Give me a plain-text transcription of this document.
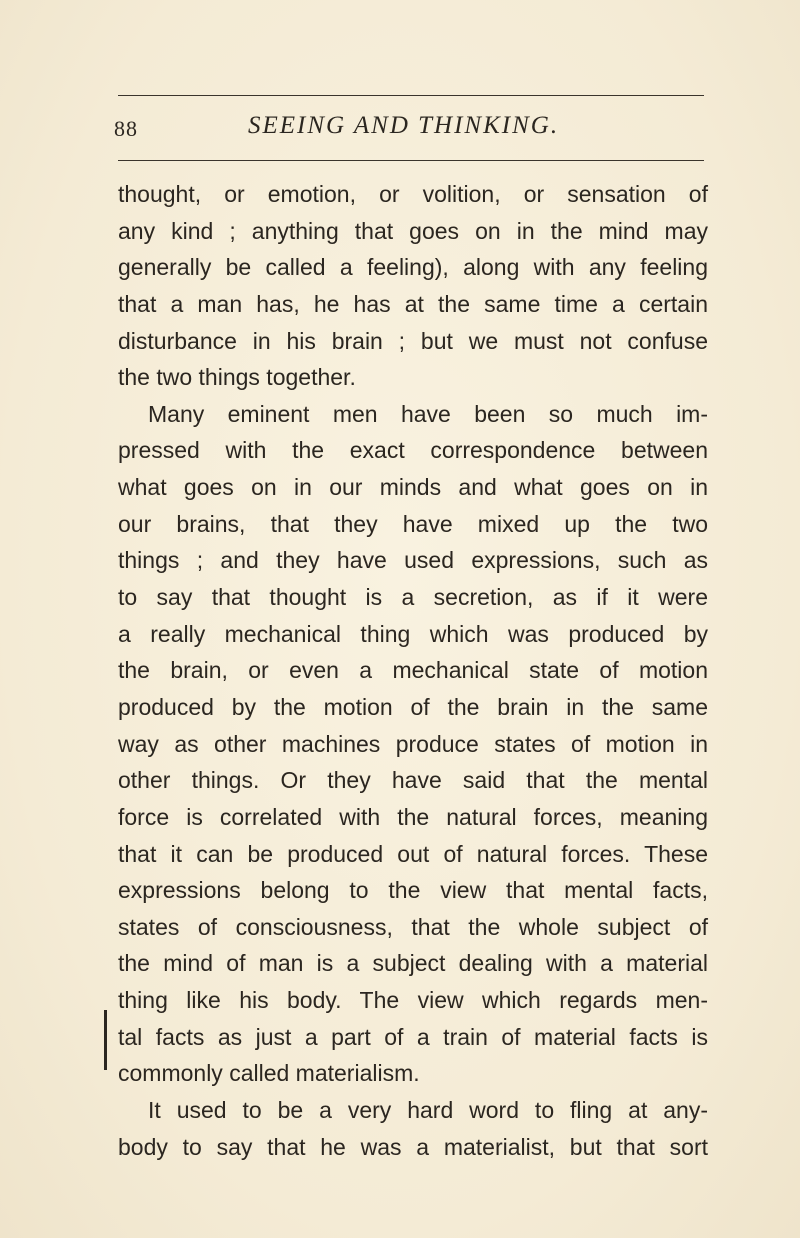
88	SEEING AND THINKING.
thought, or emotion, or volition, or sensation of
any kind ; anything that goes on in the mind may
generally be called a feeling), along with any feeling
that a man has, he has at the same time a certain
disturbance in his brain ; but we must not confuse
the two things together.
Many eminent men have been so much im-
pressed with the exact correspondence between
what goes on in our minds and what goes on in
our brains, that they have mixed up the two
things ; and they have used expressions, such as
to say that thought is a secretion, as if it were
a really mechanical thing which was produced by
the brain, or even a mechanical state of motion
produced by the motion of the brain in the same
way as other machines produce states of motion in
other things. Or they have said that the mental
force is correlated with the natural forces, meaning
that it can be produced out of natural forces. These
expressions belong to the view that mental facts,
states of consciousness, that the whole subject of
the mind of man is a subject dealing with a material
thing like his body. The view which regards men-
tal facts as just a part of a train of material facts is
commonly called materialism.
It used to be a very hard word to fling at any-
body to say that he was a materialist, but that sort
